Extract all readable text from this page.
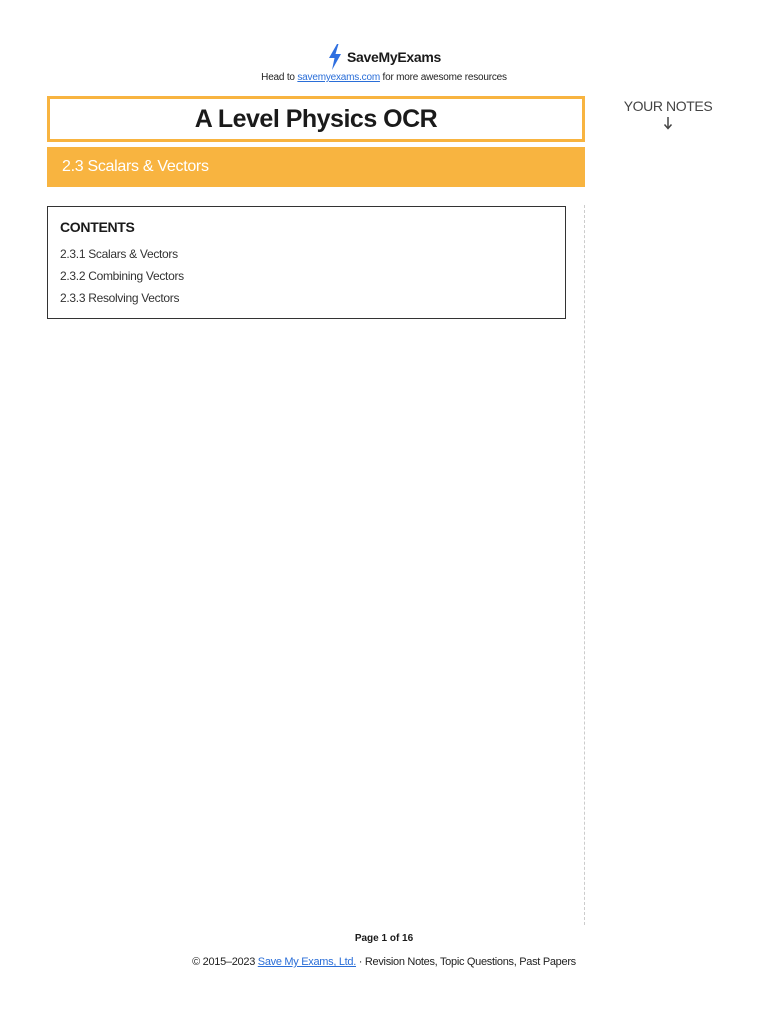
SaveMyExams
Head to savemyexams.com for more awesome resources
A Level Physics OCR
2.3 Scalars & Vectors
YOUR NOTES
CONTENTS
2.3.1 Scalars & Vectors
2.3.2 Combining Vectors
2.3.3 Resolving Vectors
Page 1 of 16
© 2015–2023 Save My Exams, Ltd. · Revision Notes, Topic Questions, Past Papers
